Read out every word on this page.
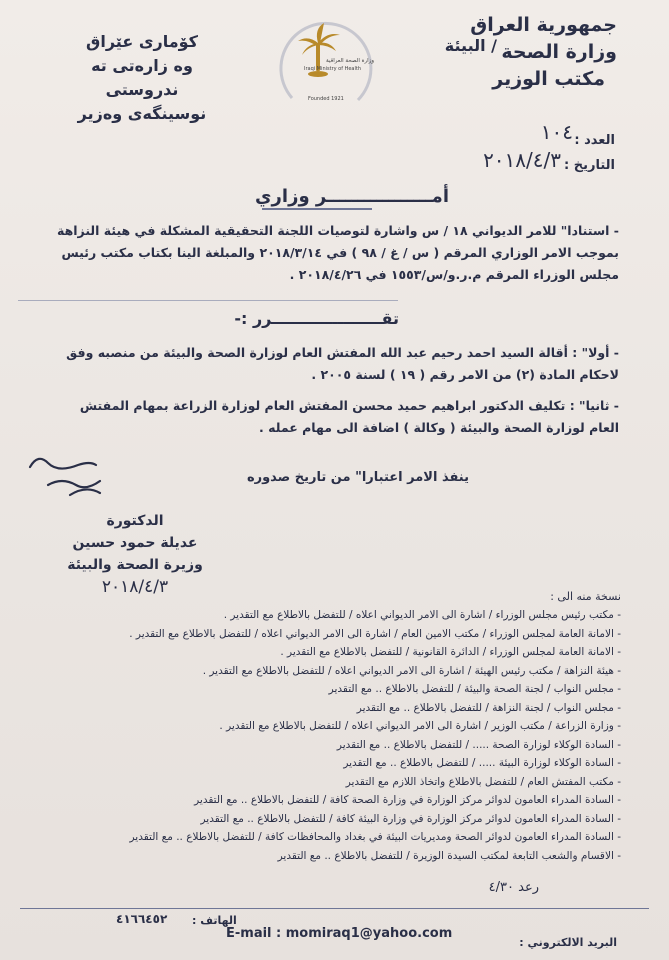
جمهورية العراق
وزارة الصحة
مكتب الوزير
/ البيئة
كۆماری عێراق
وه زاره‌تی ته ندروستی
نوسينگه‌ی وەزير
وزارة الصحة العراقية
Iraqi Ministry of Health
Founded 1921
العدد :
١٠٤
التاريخ :
٢٠١٨/٤/٣
أمـــــــــــــــــر وزاري
- استنادا" للامر الديواني ١٨ / س واشارة لتوصيات اللجنة التحقيقية المشكلة في هيئة النزاهة بموجب الامر الوزاري المرقم ( س / غ / ٩٨ ) في ٢٠١٨/٣/١٤ والمبلغة الينا بكتاب مكتب رئيس مجلس الوزراء المرقم م.ر.و/س/١٥٥٣ في ٢٠١٨/٤/٢٦ .
تقــــــــــــــــــــرر :-
- أولا" : أقالة السيد احمد رحيم عبد الله المفتش العام لوزارة الصحة والبيئة من منصبه وفق لاحكام المادة (٢) من الامر رقم ( ١٩ ) لسنة ٢٠٠٥ .
- ثانيا" : تكليف الدكتور ابراهيم حميد محسن المفتش العام لوزارة الزراعة بمهام المفتش العام لوزارة الصحة والبيئة ( وكالة ) اضافة الى مهام عمله .
ينفذ الامر اعتبارا" من تاريخ صدوره
الدكتورة
عديلة حمود حسين
وزيرة الصحة والبيئة
٢٠١٨/٤/٣	نسخة منه الى :
- مكتب رئيس مجلس الوزراء / اشارة الى الامر الديواني اعلاه / للتفضل بالاطلاع مع التقدير .
- الامانة العامة لمجلس الوزراء / مكتب الامين العام / اشارة الى الامر الديواني اعلاه / للتفضل بالاطلاع مع التقدير .
- الامانة العامة لمجلس الوزراء / الدائرة القانونية / للتفضل بالاطلاع مع التقدير .
- هيئة النزاهة / مكتب رئيس الهيئة / اشارة الى الامر الديواني اعلاه / للتفضل بالاطلاع مع التقدير .
- مجلس النواب / لجنة الصحة والبيئة / للتفضل بالاطلاع .. مع التقدير
- مجلس النواب / لجنة النزاهة / للتفضل بالاطلاع .. مع التقدير
- وزارة الزراعة / مكتب الوزير / اشارة الى الامر الديواني اعلاه / للتفضل بالاطلاع مع التقدير .
- السادة الوكلاء لوزارة الصحة ..... / للتفضل بالاطلاع .. مع التقدير
- السادة الوكلاء لوزارة البيئة ..... / للتفضل بالاطلاع .. مع التقدير
- مكتب المفتش العام / للتفضل بالاطلاع واتخاذ اللازم مع التقدير
- السادة المدراء العامون لدوائر مركز الوزارة في وزارة الصحة كافة / للتفضل بالاطلاع .. مع التقدير
- السادة المدراء العامون لدوائر مركز الوزارة في وزارة البيئة كافة / للتفضل بالاطلاع .. مع التقدير
- السادة المدراء العامون لدوائر الصحة ومديريات البيئة في بغداد والمحافظات كافة / للتفضل بالاطلاع .. مع التقدير
- الاقسام والشعب التابعة لمكتب السيدة الوزيرة / للتفضل بالاطلاع .. مع التقدير
رعد ٤/٣٠
البريد الالكتروني :
E-mail : momiraq1@yahoo.com
الهاتف :
٤١٦٦٤٥٢
